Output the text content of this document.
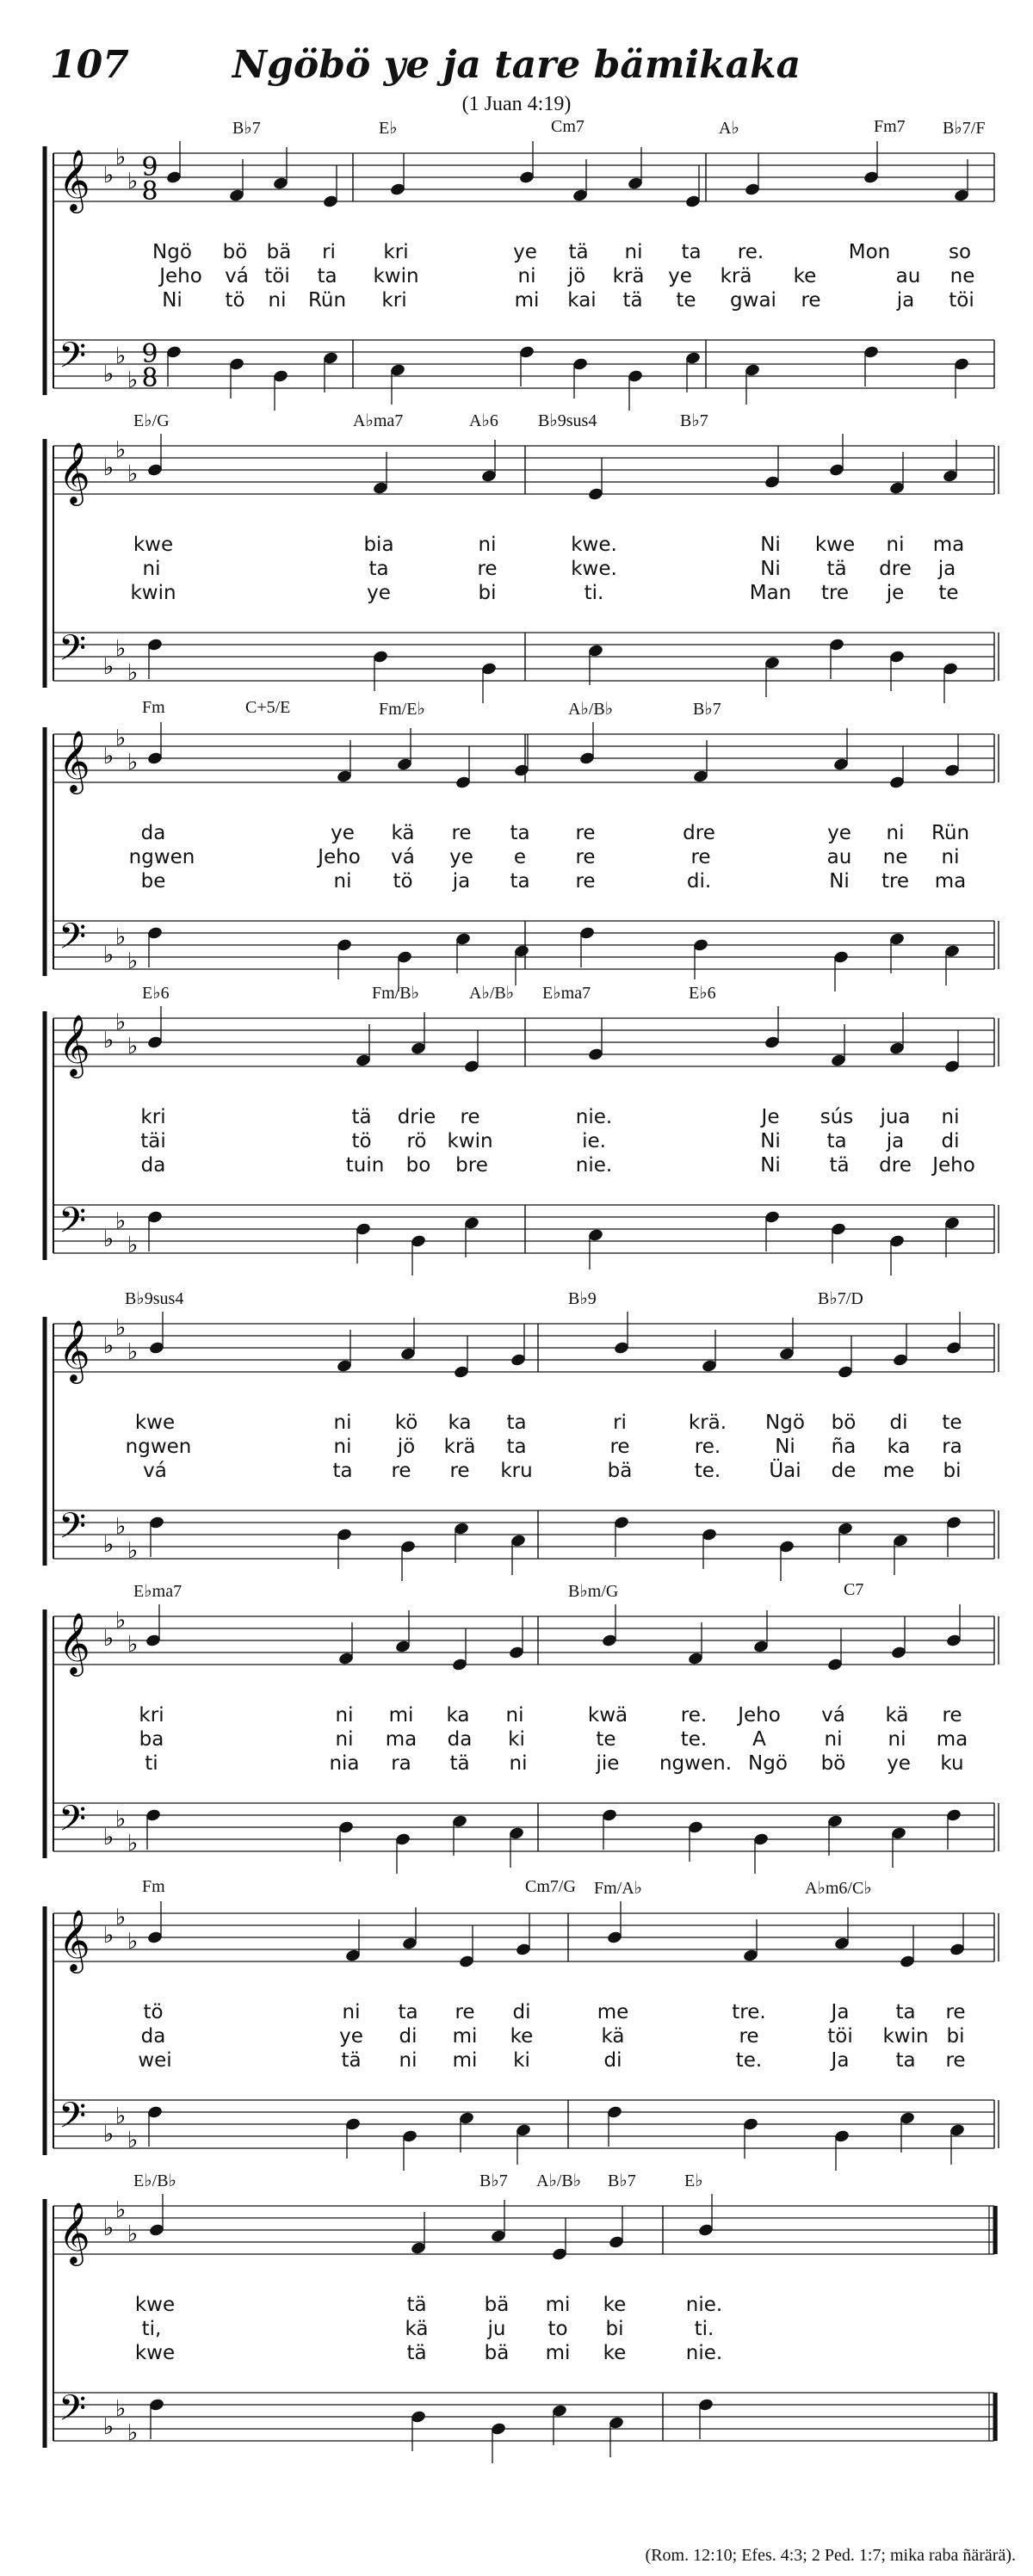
107	Ngöbö ye ja tare bämikaka
(1 Juan 4:19)
𝄞
𝄢
♭
♭
♭
♭
♭
♭
9
8
9
8
B♭7	E♭	Cm7	A♭	Fm7 B♭7/F
Ngö bö bä ri kri	ye tä ni ta re.	Mon	so
Jeho vá töi ta kwin	ni jö krä ye krä ke	au ne
Ni tö ni Rün kri	mi kai tä te gwai re	ja töi
𝄞
𝄢
♭
♭
♭
♭
♭
♭
E♭/G	A♭ma7	A♭6 B♭9sus4	B♭7
kwe	bia	ni	kwe.	Ni kwe ni ma
ni	ta	re	kwe.	Ni tä dre ja
kwin	ye	bi	ti.	Man tre je te
𝄞
𝄢
♭
♭
♭
♭
♭
♭
Fm	C+5/E	Fm/E♭	A♭/B♭	B♭7
da	ye kä re ta re	dre	ye ni Rün
ngwen	Jeho vá ye e re	re	au ne ni
be	ni tö ja ta re	di.	Ni tre ma
𝄞
𝄢
♭
♭
♭
♭
♭
♭
E♭6	Fm/B♭	A♭/B♭ E♭ma7	E♭6
kri	tä drie re	nie.	Je sús jua ni
täi	tö rö kwin	ie.	Ni ta ja di
da	tuin bo bre	nie.	Ni tä dre Jeho
𝄞
𝄢
♭
♭
♭
♭
♭
♭
B♭9sus4	B♭9	B♭7/D
kwe	ni kö ka ta	ri	krä. Ngö bö di te
ngwen	ni jö krä ta	re	re.	Ni ña ka ra
vá	ta re re kru	bä	te. Üai de me bi
𝄞
𝄢
♭
♭
♭
♭
♭
♭
E♭ma7	B♭m/G	C7
kri	ni mi ka ni	kwä	re. Jeho vá kä re
ba	ni ma da ki	te	te. A	ni ni ma
ti	nia ra tä ni	jie ngwen. Ngö bö ye ku
𝄞
𝄢
♭
♭
♭
♭
♭
♭
Fm	Cm7/G Fm/A♭	A♭m6/C♭
tö	ni ta re di	me	tre.	Ja ta re
da	ye di mi ke	kä	re	töi kwin bi
wei	tä ni mi ki	di	te.	Ja ta re
𝄞
𝄢
♭
♭
♭
♭
♭
♭
E♭/B♭	B♭7 A♭/B♭ B♭7	E♭
kwe	tä	bä mi ke	nie.
ti,	kä	ju to bi	ti.
kwe	tä	bä mi ke	nie.
(Rom. 12:10; Efes. 4:3; 2 Ped. 1:7; mika raba ñärärä).
